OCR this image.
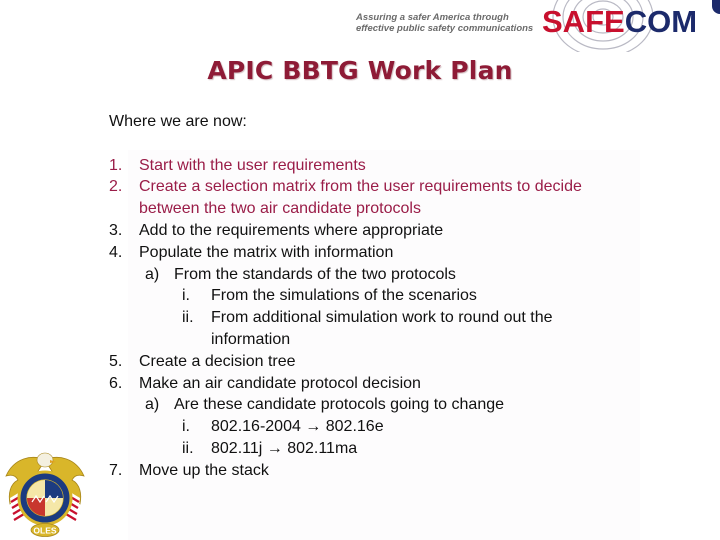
Assuring a safer America through
effective public safety communications SAFECOM
APIC BBTG Work Plan
Where we are now:
1. Start with the user requirements
2. Create a selection matrix from the user requirements to decide
between the two air candidate protocols
3. Add to the requirements where appropriate
4. Populate the matrix with information
a) From the standards of the two protocols
i. From the simulations of the scenarios
ii. From additional simulation work to round out the
information
5. Create a decision tree
6. Make an air candidate protocol decision
a) Are these candidate protocols going to change
i. 802.16-2004 → 802.16e
ii. 802.11j → 802.11ma
7. Move up the stack
OLES
